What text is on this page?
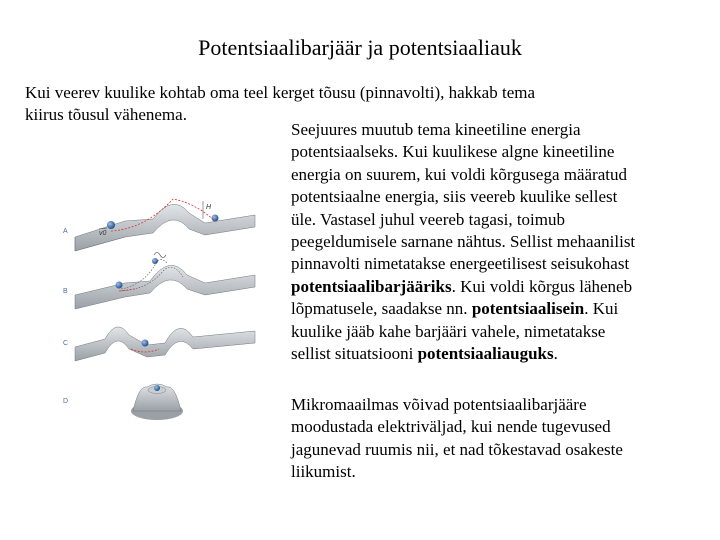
Potentsiaalibarjäär ja potentsiaaliauk
Kui veerev kuulike kohtab oma teel kerget tõusu (pinnavolti), hakkab tema
kiirus tõusul vähenema.
A	v0
H
B
C
D
Seejuures muutub tema kineetiline energia
potentsiaalseks. Kui kuulikese algne kineetiline
energia on suurem, kui voldi kõrgusega määratud
potentsiaalne energia, siis veereb kuulike sellest
üle. Vastasel juhul veereb tagasi, toimub
peegeldumisele sarnane nähtus. Sellist mehaanilist
pinnavolti nimetatakse energeetilisest seisukohast
potentsiaalibarjääriks. Kui voldi kõrgus läheneb
lõpmatusele, saadakse nn. potentsiaalisein. Kui
kuulike jääb kahe barjääri vahele, nimetatakse
sellist situatsiooni potentsiaaliauguks.
Mikromaailmas võivad potentsiaalibarjääre
moodustada elektriväljad, kui nende tugevused
jagunevad ruumis nii, et nad tõkestavad osakeste
liikumist.
